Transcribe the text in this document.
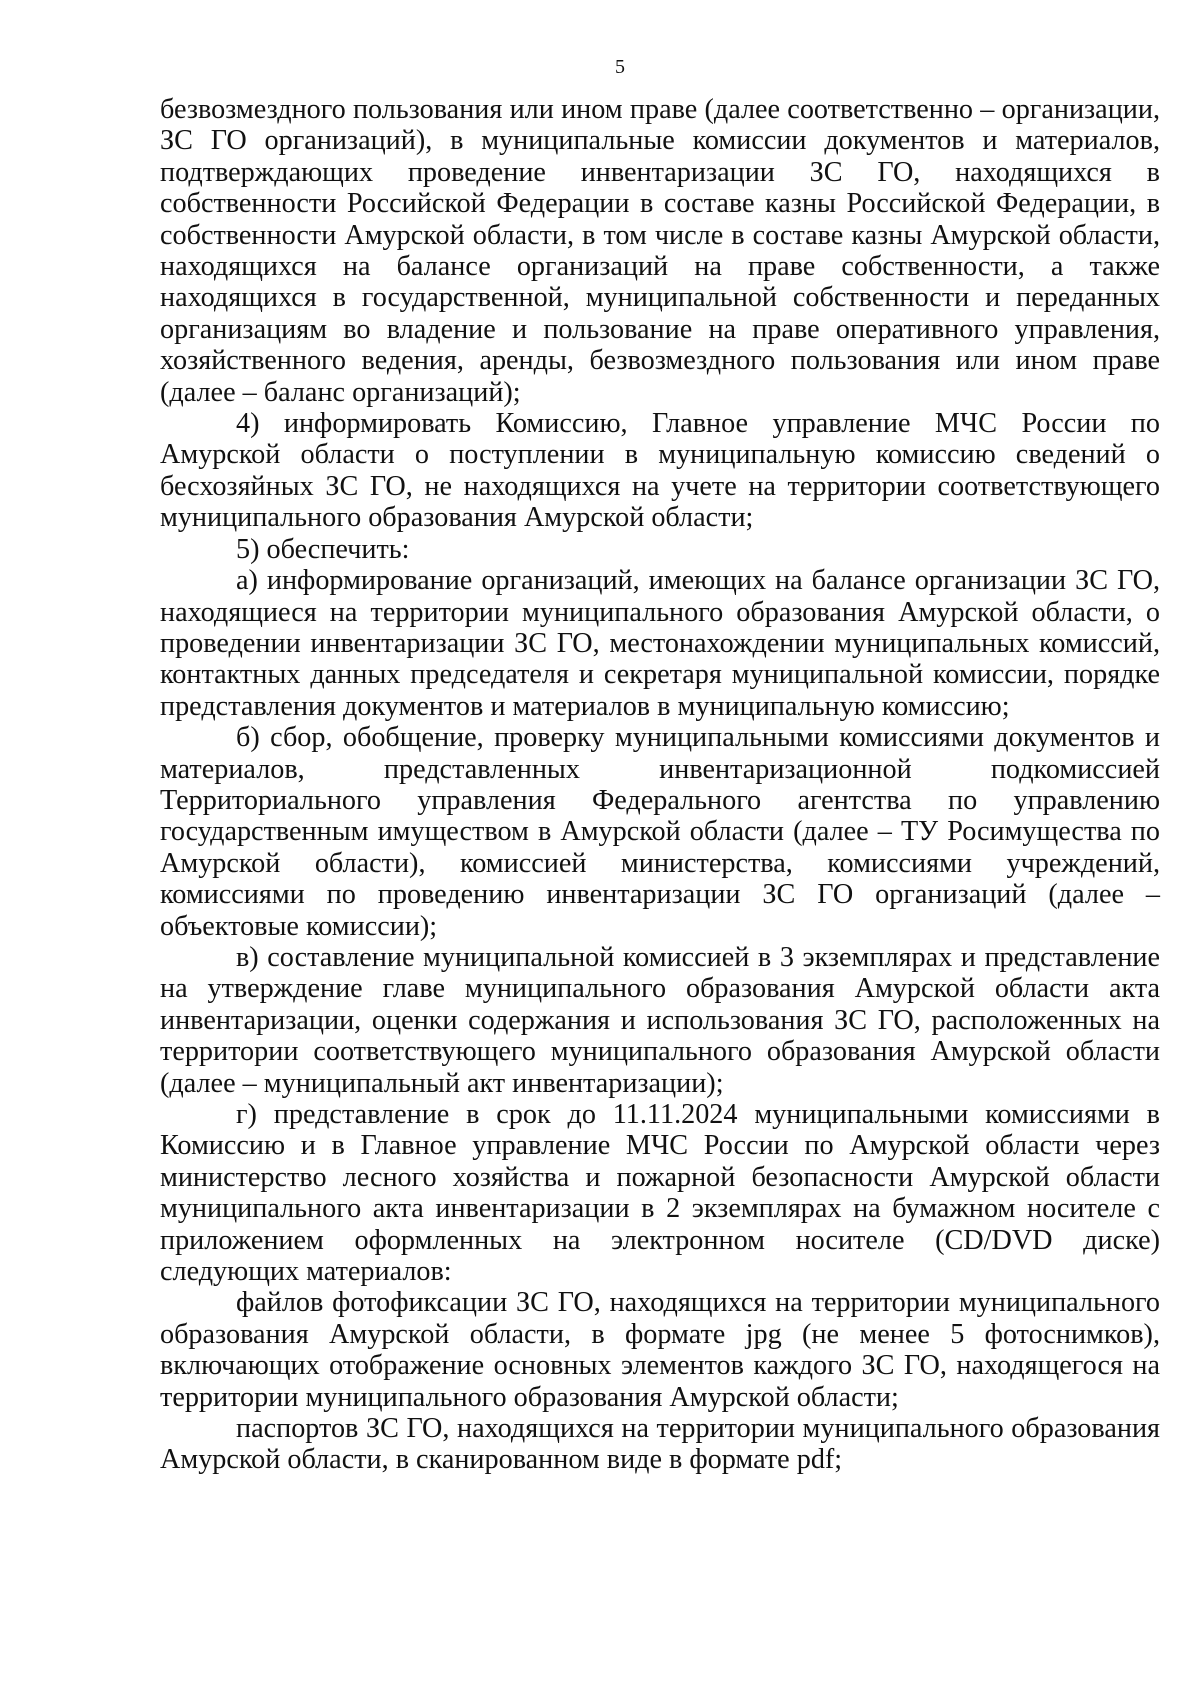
5

безвозмездного пользования или ином праве (далее соответственно – организации, ЗС ГО организаций), в муниципальные комиссии документов и материалов, подтверждающих проведение инвентаризации ЗС ГО, находящихся в собственности Российской Федерации в составе казны Российской Федерации, в собственности Амурской области, в том числе в составе казны Амурской области, находящихся на балансе организаций на праве собственности, а также находящихся в государственной, муниципальной собственности и переданных организациям во владение и пользование на праве оперативного управления, хозяйственного ведения, аренды, безвозмездного пользования или ином праве (далее – баланс организаций);

4) информировать Комиссию, Главное управление МЧС России по Амурской области о поступлении в муниципальную комиссию сведений о бесхозяйных ЗС ГО, не находящихся на учете на территории соответствующего муниципального образования Амурской области;

5) обеспечить:

а) информирование организаций, имеющих на балансе организации ЗС ГО, находящиеся на территории муниципального образования Амурской области, о проведении инвентаризации ЗС ГО, местонахождении муниципальных комиссий, контактных данных председателя и секретаря муниципальной комиссии, порядке представления документов и материалов в муниципальную комиссию;

б) сбор, обобщение, проверку муниципальными комиссиями документов и материалов, представленных инвентаризационной подкомиссией Территориального управления Федерального агентства по управлению государственным имуществом в Амурской области (далее – ТУ Росимущества по Амурской области), комиссией министерства, комиссиями учреждений, комиссиями по проведению инвентаризации ЗС ГО организаций (далее – объектовые комиссии);

в) составление муниципальной комиссией в 3 экземплярах и представление на утверждение главе муниципального образования Амурской области акта инвентаризации, оценки содержания и использования ЗС ГО, расположенных на территории соответствующего муниципального образования Амурской области (далее – муниципальный акт инвентаризации);

г) представление в срок до 11.11.2024 муниципальными комиссиями в Комиссию и в Главное управление МЧС России по Амурской области через министерство лесного хозяйства и пожарной безопасности Амурской области муниципального акта инвентаризации в 2 экземплярах на бумажном носителе с приложением оформленных на электронном носителе (CD/DVD диске) следующих материалов:

файлов фотофиксации ЗС ГО, находящихся на территории муниципального образования Амурской области, в формате jpg (не менее 5 фотоснимков), включающих отображение основных элементов каждого ЗС ГО, находящегося на территории муниципального образования Амурской области;

паспортов ЗС ГО, находящихся на территории муниципального образования Амурской области, в сканированном виде в формате pdf;
